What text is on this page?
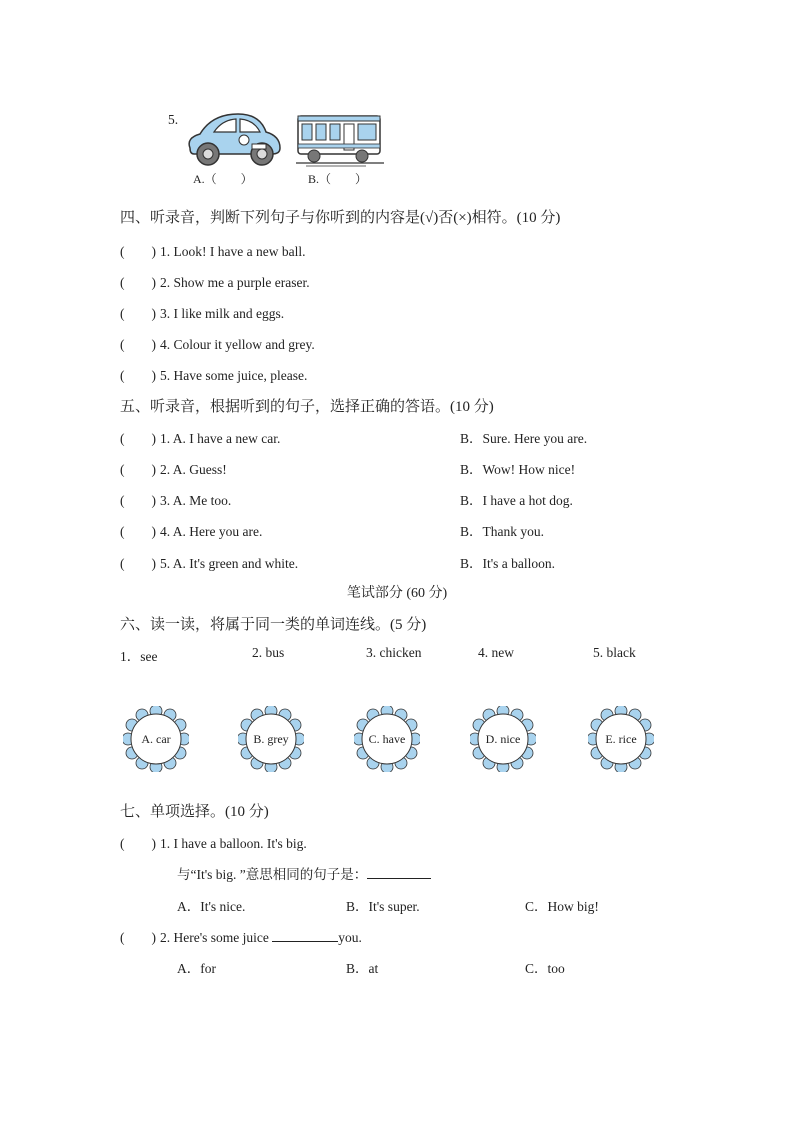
5.
A.（　　）	B.（　　）
四、听录音，判断下列句子与你听到的内容是(√)否(×)相符。(10 分)
(　　) 1. Look! I have a new ball.
(　　) 2. Show me a purple eraser.
(　　) 3. I like milk and eggs.
(　　) 4. Colour it yellow and grey.
(　　) 5. Have some juice, please.
五、听录音，根据听到的句子，选择正确的答语。(10 分)
(　　) 1. A. I have a new car.	B．Sure. Here you are.
(　　) 2. A. Guess!	B．Wow! How nice!
(　　) 3. A. Me too.	B．I have a hot dog.
(　　) 4. A. Here you are.	B．Thank you.
(　　) 5. A. It's green and white.	B．It's a balloon.
笔试部分 (60 分)
六、读一读，将属于同一类的单词连线。(5 分)
1．see	2. bus	3. chicken	4. new	5. black
A. car	B. grey	C. have	D. nice	E. rice
七、单项选择。(10 分)
(　　) 1. I have a balloon. It's big.
与“It's big. ”意思相同的句子是：
A．It's nice.	B．It's super.	C．How big!
(　　) 2. Here's some juice	you.
A．for	B．at	C．too
